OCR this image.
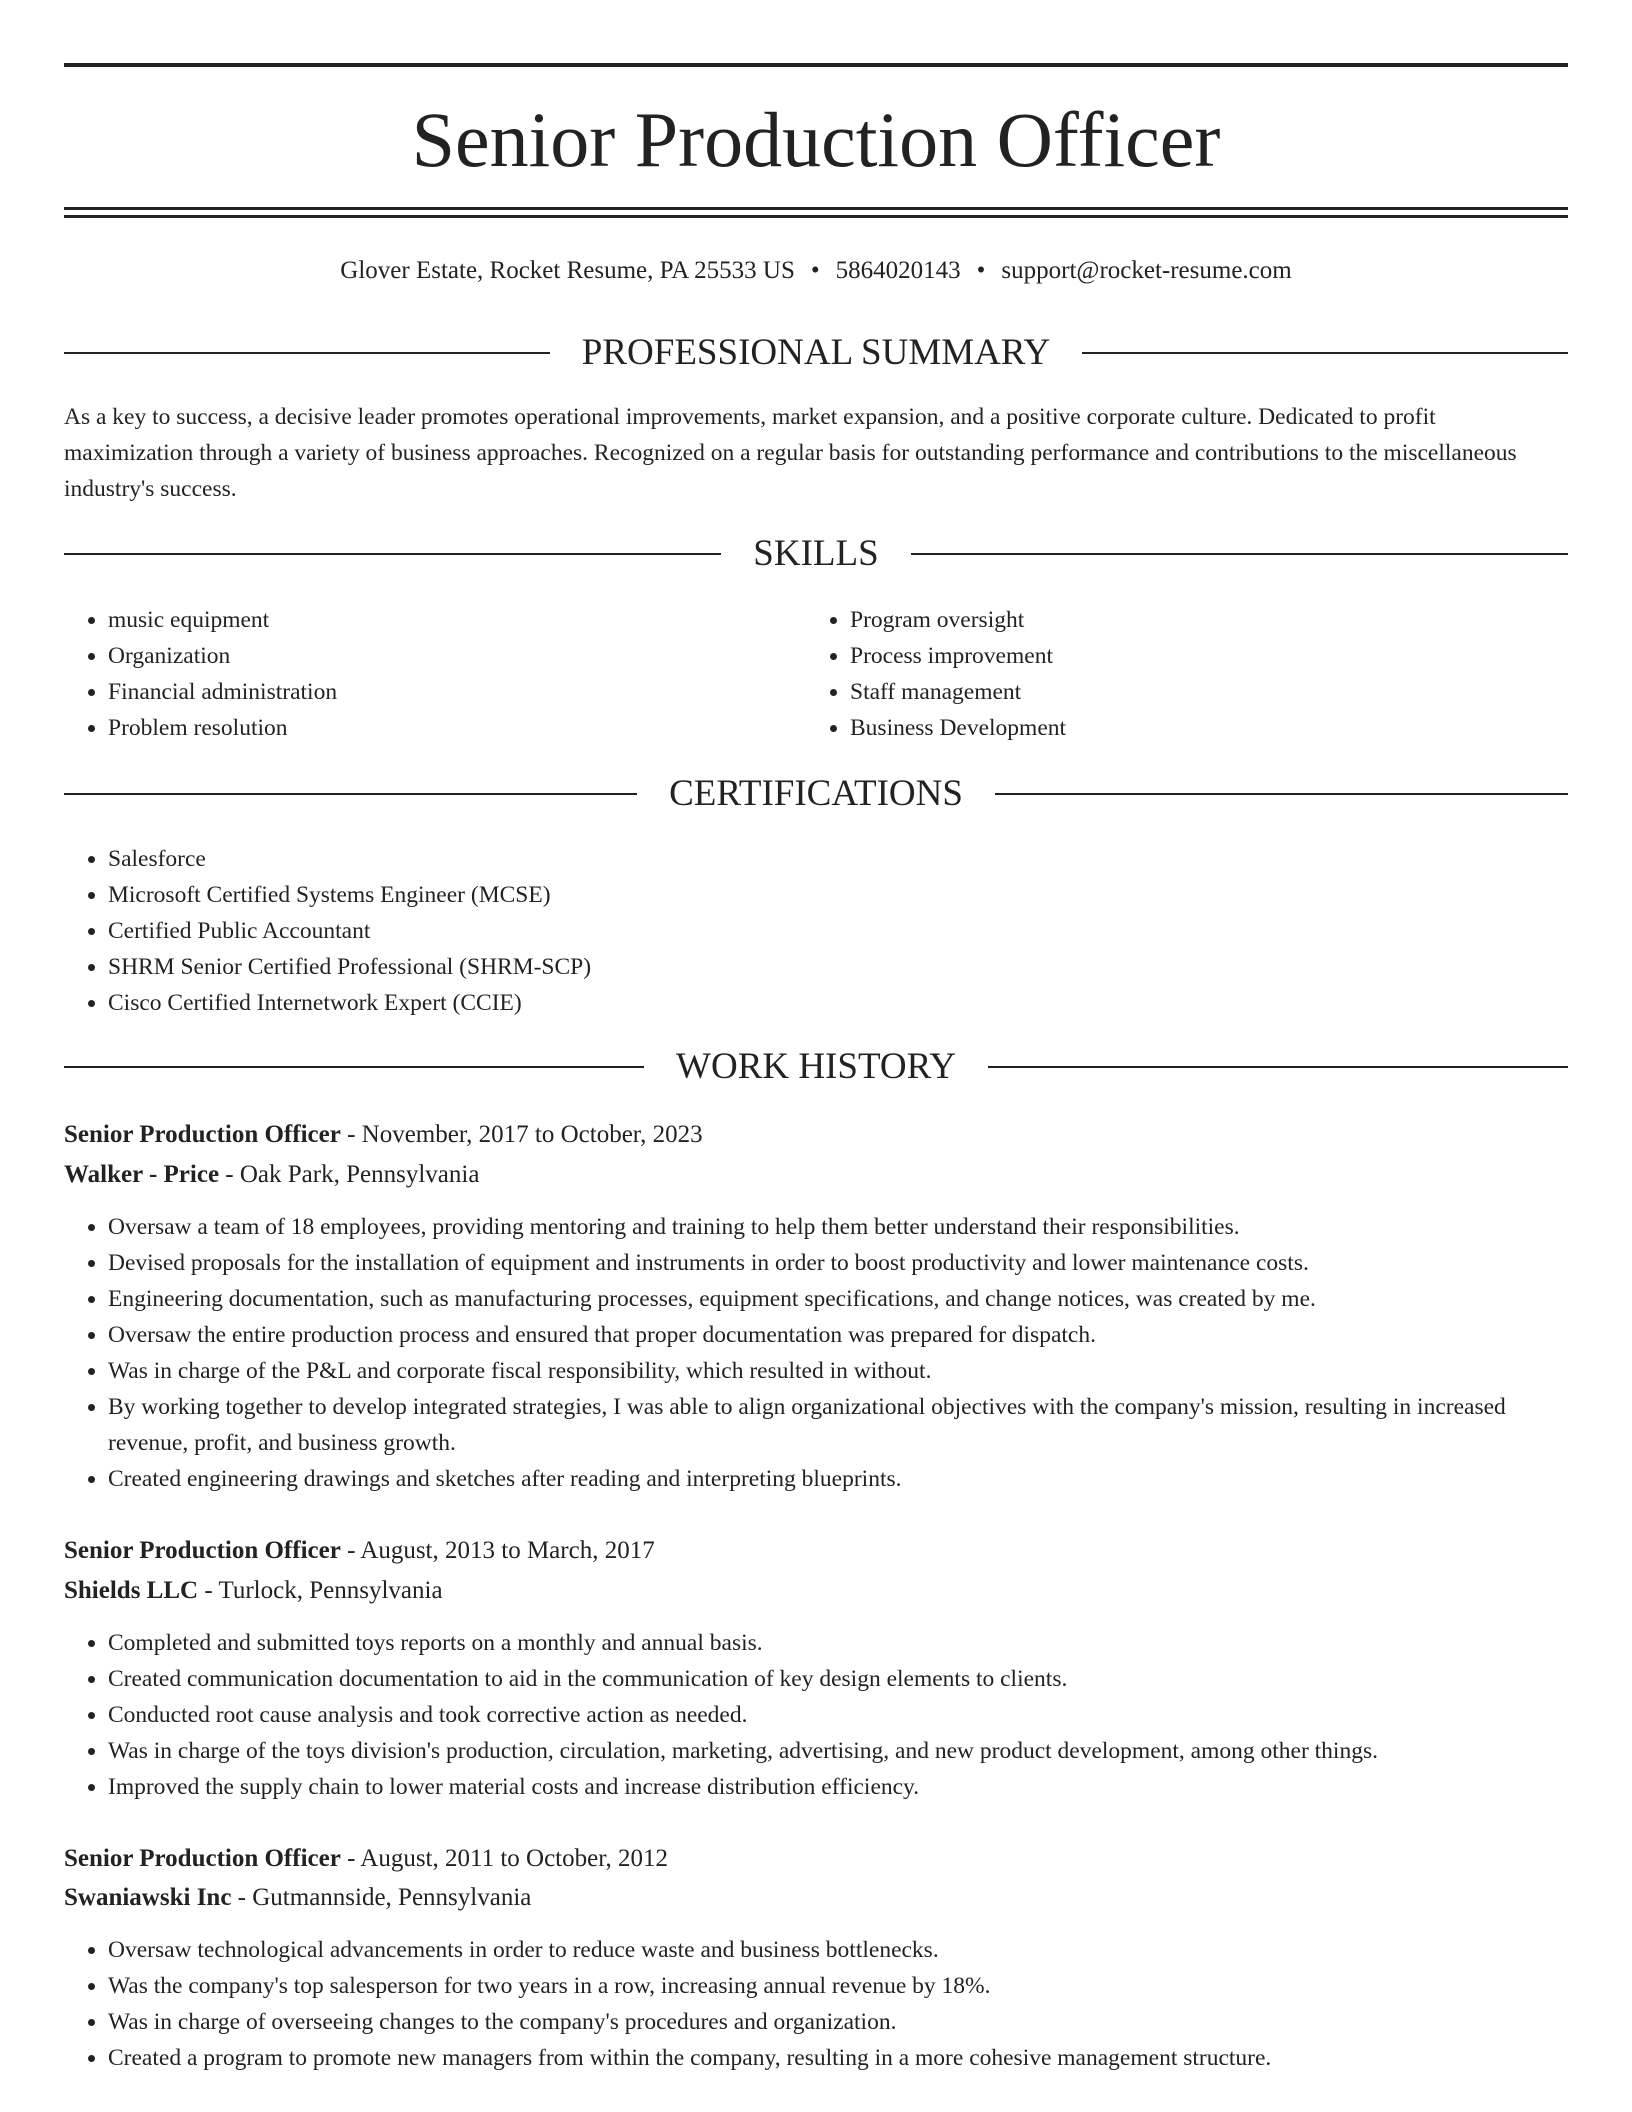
Senior Production Officer
Glover Estate, Rocket Resume, PA 25533 US • 5864020143 • support@rocket-resume.com
PROFESSIONAL SUMMARY

As a key to success, a decisive leader promotes operational improvements, market expansion, and a positive corporate culture. Dedicated to profit maximization through a variety of business approaches. Recognized on a regular basis for outstanding performance and contributions to the miscellaneous industry's success.

SKILLS
• music equipment
• Organization
• Financial administration
• Problem resolution
• Program oversight
• Process improvement
• Staff management
• Business Development
CERTIFICATIONS
• Salesforce
• Microsoft Certified Systems Engineer (MCSE)
• Certified Public Accountant
• SHRM Senior Certified Professional (SHRM-SCP)
• Cisco Certified Internetwork Expert (CCIE)
WORK HISTORY
Senior Production Officer - November, 2017 to October, 2023
Walker - Price - Oak Park, Pennsylvania
• Oversaw a team of 18 employees, providing mentoring and training to help them better understand their responsibilities.
• Devised proposals for the installation of equipment and instruments in order to boost productivity and lower maintenance costs.
• Engineering documentation, such as manufacturing processes, equipment specifications, and change notices, was created by me.
• Oversaw the entire production process and ensured that proper documentation was prepared for dispatch.
• Was in charge of the P&L and corporate fiscal responsibility, which resulted in without.
• By working together to develop integrated strategies, I was able to align organizational objectives with the company's mission, resulting in increased revenue, profit, and business growth.
• Created engineering drawings and sketches after reading and interpreting blueprints.
Senior Production Officer - August, 2013 to March, 2017
Shields LLC - Turlock, Pennsylvania
• Completed and submitted toys reports on a monthly and annual basis.
• Created communication documentation to aid in the communication of key design elements to clients.
• Conducted root cause analysis and took corrective action as needed.
• Was in charge of the toys division's production, circulation, marketing, advertising, and new product development, among other things.
• Improved the supply chain to lower material costs and increase distribution efficiency.
Senior Production Officer - August, 2011 to October, 2012
Swaniawski Inc - Gutmannside, Pennsylvania
• Oversaw technological advancements in order to reduce waste and business bottlenecks.
• Was the company's top salesperson for two years in a row, increasing annual revenue by 18%.
• Was in charge of overseeing changes to the company's procedures and organization.
• Created a program to promote new managers from within the company, resulting in a more cohesive management structure.
